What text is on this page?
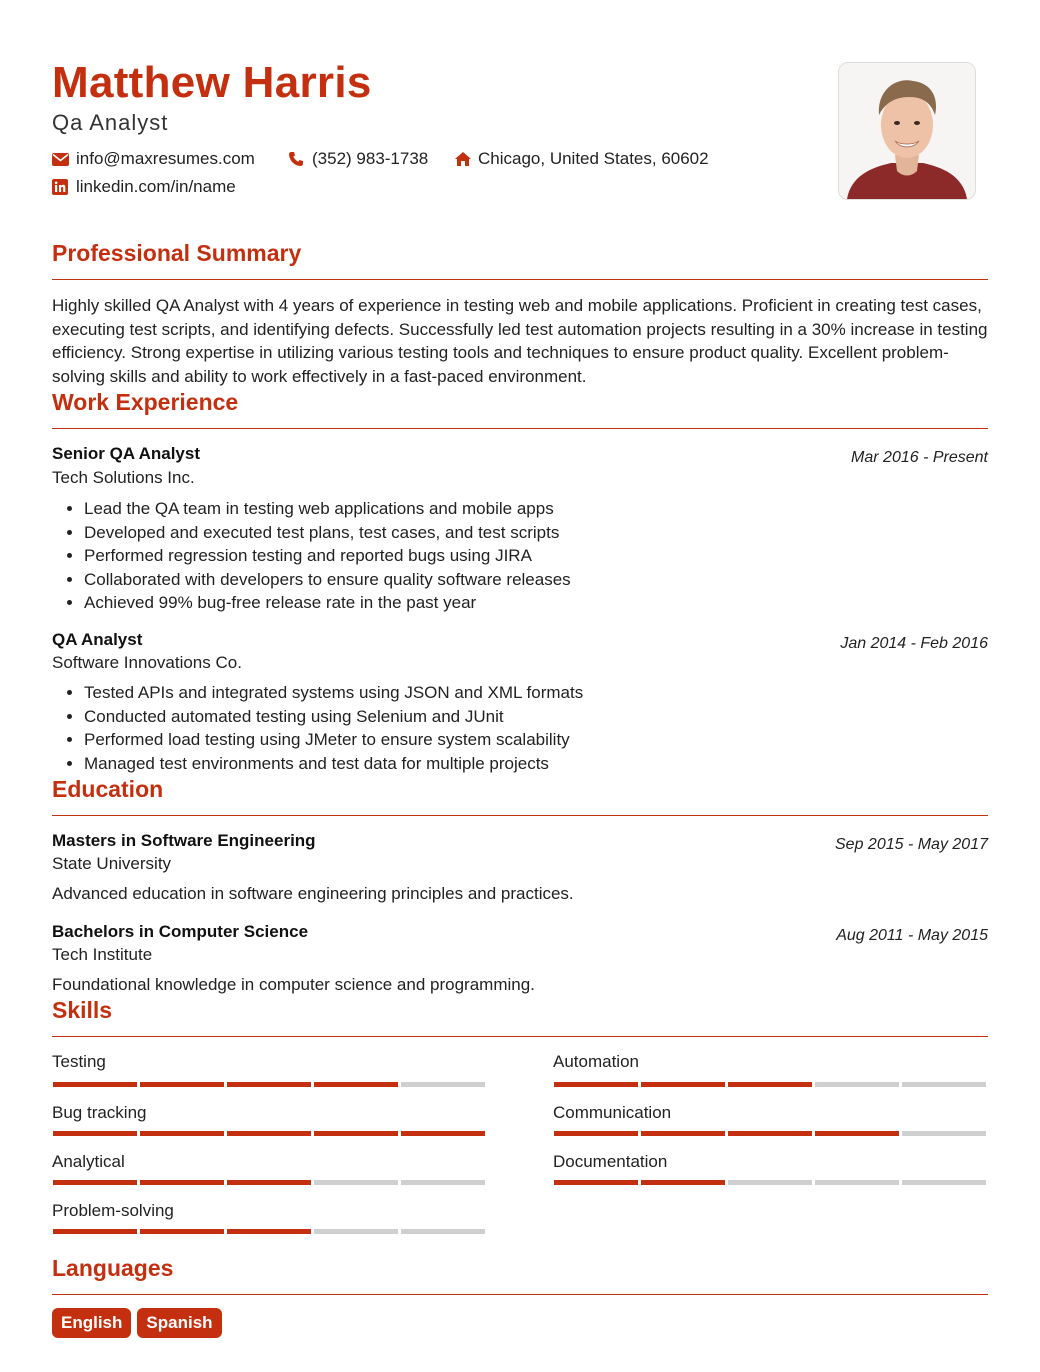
Matthew Harris
Qa Analyst
info@maxresumes.com	(352) 983-1738	Chicago, United States, 60602
linkedin.com/in/name
Professional Summary
Highly skilled QA Analyst with 4 years of experience in testing web and mobile applications. Proficient in creating test cases, executing test scripts, and identifying defects. Successfully led test automation projects resulting in a 30% increase in testing efficiency. Strong expertise in utilizing various testing tools and techniques to ensure product quality. Excellent problem-solving skills and ability to work effectively in a fast-paced environment.
Work Experience
Senior QA Analyst	Mar 2016 - Present
Tech Solutions Inc.
• Lead the QA team in testing web applications and mobile apps
• Developed and executed test plans, test cases, and test scripts
• Performed regression testing and reported bugs using JIRA
• Collaborated with developers to ensure quality software releases
• Achieved 99% bug-free release rate in the past year
QA Analyst	Jan 2014 - Feb 2016
Software Innovations Co.
• Tested APIs and integrated systems using JSON and XML formats
• Conducted automated testing using Selenium and JUnit
• Performed load testing using JMeter to ensure system scalability
• Managed test environments and test data for multiple projects
Education
Masters in Software Engineering	Sep 2015 - May 2017
State University
Advanced education in software engineering principles and practices.
Bachelors in Computer Science	Aug 2011 - May 2015
Tech Institute
Foundational knowledge in computer science and programming.
Skills
Testing	Automation
Bug tracking	Communication
Analytical	Documentation
Problem-solving
Languages
English	Spanish
